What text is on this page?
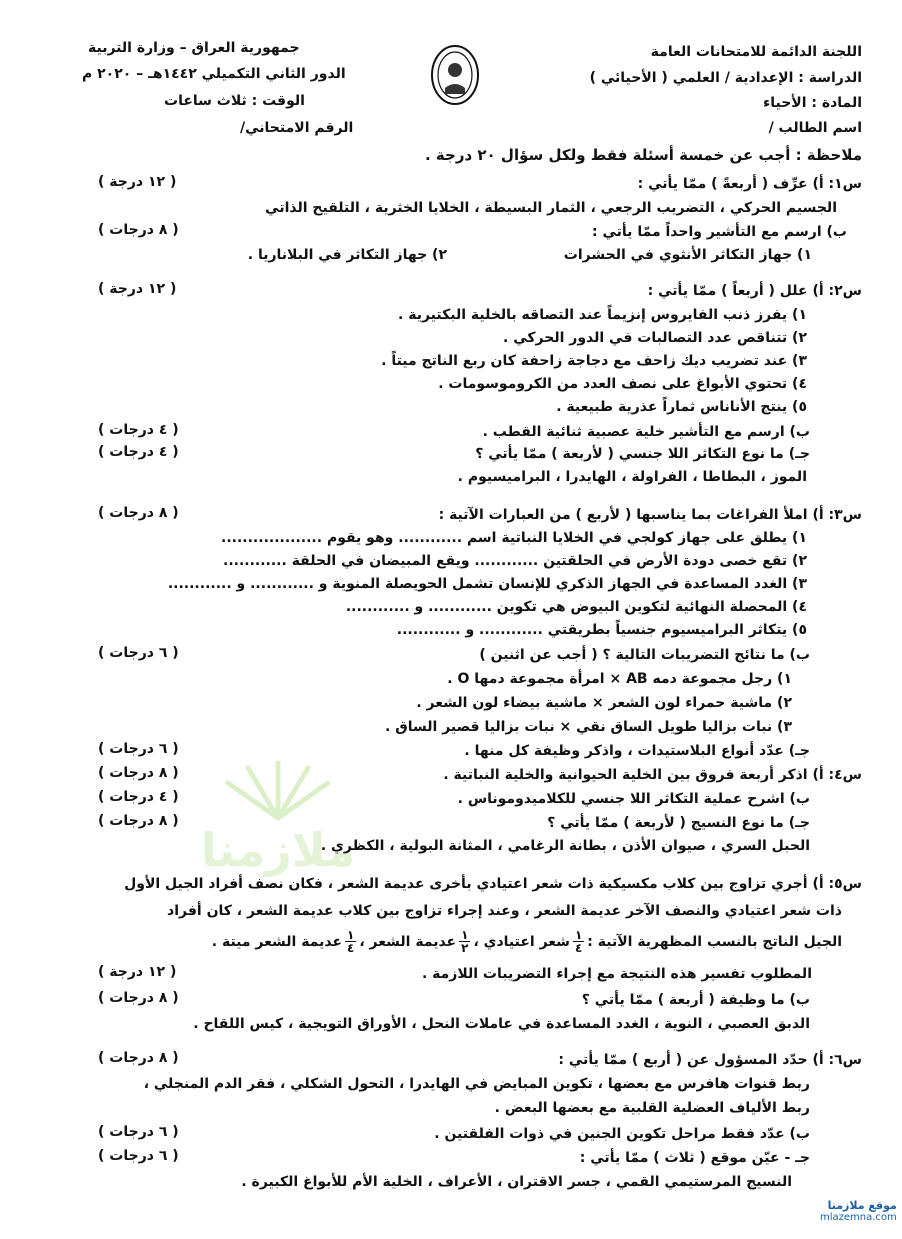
اللجنة الدائمة للامتحانات العامة
الدراسة : الإعدادية / العلمي ( الأحيائي )
المادة : الأحياء
اسم الطالب /
جمهورية العراق – وزارة التربية
الدور الثاني التكميلي ١٤٤٢هـ – ٢٠٢٠ م
الوقت : ثلاث ساعات
الرقم الامتحاني/
ملاحظة : أجب عن خمسة أسئلة فقط ولكل سؤال ٢٠ درجة .
س١: أ) عرِّف ( أربعةً ) ممّا يأتي :
( ١٢ درجة )
الجسيم الحركي ، التضريب الرجعي ، الثمار البسيطة ، الخلايا الخثرية ، التلقيح الذاتي
ب) ارسم مع التأشير واحداً ممّا يأتي :
( ٨ درجات )
١) جهاز التكاثر الأنثوي في الحشرات
٢) جهاز التكاثر في البلاناريا .
س٢: أ) علل ( أربعاً ) ممّا يأتي :
( ١٢ درجة )
١) يفرز ذنب الفايروس إنزيماً عند التصاقه بالخلية البكتيرية .
٢) تتناقص عدد التصالبات في الدور الحركي .
٣) عند تضريب ديك زاحف مع دجاجة زاحفة كان ربع الناتج ميتاً .
٤) تحتوي الأبواغ على نصف العدد من الكروموسومات .
٥) ينتج الأناناس ثماراً عذرية طبيعية .
ب) ارسم مع التأشير خلية عصبية ثنائية القطب .
( ٤ درجات )
جـ) ما نوع التكاثر اللا جنسي ( لأربعة ) ممّا يأتي ؟
( ٤ درجات )
الموز ، البطاطا ، الفراولة ، الهايدرا ، البراميسيوم .
س٣: أ) املأ الفراغات بما يناسبها ( لأربع ) من العبارات الآتية :
( ٨ درجات )
١) يطلق على جهاز كولجي في الخلايا النباتية اسم ............ وهو يقوم ...................
٢) تقع خصى دودة الأرض في الحلقتين ............ ويقع المبيضان في الحلقة ............
٣) الغدد المساعدة في الجهاز الذكري للإنسان تشمل الحويصلة المنوية و ............ و ............
٤) المحصلة النهائية لتكوين البيوض هي تكوين ............ و ............
٥) يتكاثر البراميسيوم جنسياً بطريقتي ............ و ............
ب) ما نتائج التضريبات التالية ؟ ( أجب عن اثنين )
( ٦ درجات )
١) رجل مجموعة دمه AB × امرأة مجموعة دمها O .
٢) ماشية حمراء لون الشعر × ماشية بيضاء لون الشعر .
٣) نبات بزاليا طويل الساق نقي × نبات بزاليا قصير الساق .
جـ) عدّد أنواع البلاستيدات ، واذكر وظيفة كل منها .
( ٦ درجات )
ملازمنا
س٤: أ) اذكر أربعة فروق بين الخلية الحيوانية والخلية النباتية .
( ٨ درجات )
ب) اشرح عملية التكاثر اللا جنسي للكلاميدوموناس .
( ٤ درجات )
جـ) ما نوع النسيج ( لأربعة ) ممّا يأتي ؟
( ٨ درجات )
الحبل السري ، صيوان الأذن ، بطانة الرغامي ، المثانة البولية ، الكظري .
س٥: أ) أجري تزاوج بين كلاب مكسيكية ذات شعر اعتيادي بأخرى عديمة الشعر ، فكان نصف أفراد الجيل الأول
ذات شعر اعتيادي والنصف الآخر عديمة الشعر ، وعند إجراء تزاوج بين كلاب عديمة الشعر ، كان أفراد
الجيل الناتج بالنسب المظهرية الآتية :
$\frac{١}{٤}$
شعر اعتيادي ،
$\frac{١}{٢}$
عديمة الشعر ،
$\frac{١}{٤}$
عديمة الشعر ميتة .
المطلوب تفسير هذه النتيجة مع إجراء التضريبات اللازمة .
( ١٢ درجة )
ب) ما وظيفة ( أربعة ) ممّا يأتي ؟
( ٨ درجات )
الدبق العصبي ، النوية ، الغدد المساعدة في عاملات النحل ، الأوراق التويجية ، كيس اللقاح .
س٦: أ) حدّد المسؤول عن ( أربع ) ممّا يأتي :
( ٨ درجات )
ربط قنوات هافرس مع بعضها ، تكوين المبايض في الهايدرا ، التحول الشكلي ، فقر الدم المنجلي ،
ربط الألياف العضلية القلبية مع بعضها البعض .
ب) عدّد فقط مراحل تكوين الجنين في ذوات الفلقتين .
( ٦ درجات )
جـ - عيّن موقع ( ثلاث ) ممّا يأتي :
( ٦ درجات )
النسيج المرستيمي القمي ، جسر الاقتران ، الأعراف ، الخلية الأم للأبواغ الكبيرة .
موقع ملازمنا
mlazemna.com
